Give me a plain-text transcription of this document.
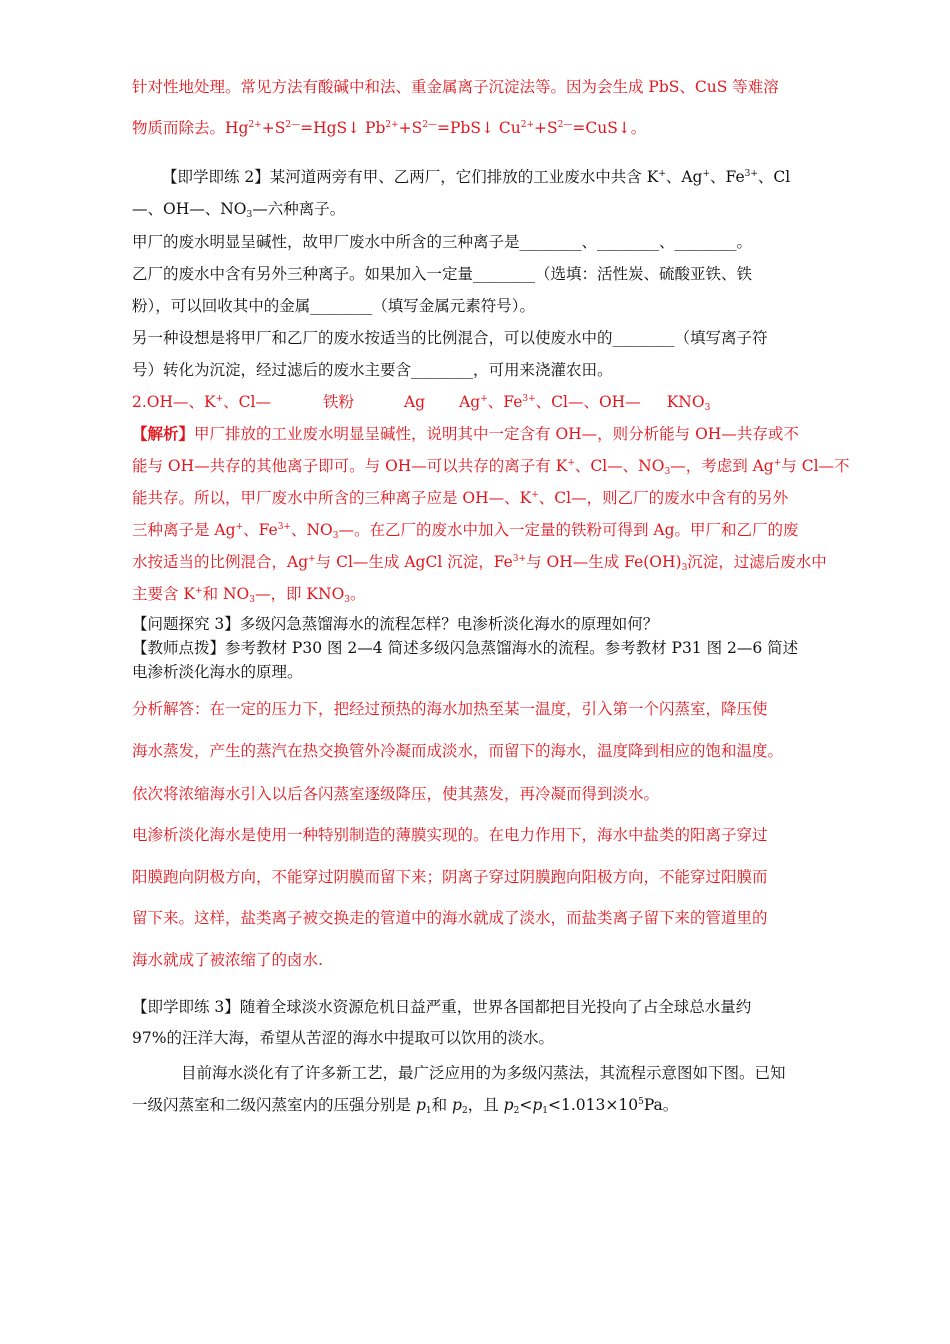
针对性地处理。常见方法有酸碱中和法、重金属离子沉淀法等。因为会生成 PbS、CuS 等难溶
物质而除去。$Hg^{2+}+S^{2—}=HgS↓$ $Pb^{2+}+S^{2—}=PbS↓$ $Cu^{2+}+S^{2—}=CuS↓$。
【即学即练 2】某河道两旁有甲、乙两厂，它们排放的工业废水中共含 K+、Ag+、$Fe^{3+}$、Cl
—、OH—、$NO_3—$六种离子。
甲厂的废水明显呈碱性，故甲厂废水中所含的三种离子是________、________、________。
乙厂的废水中含有另外三种离子。如果加入一定量________（选填：活性炭、硫酸亚铁、铁
粉），可以回收其中的金属________（填写金属元素符号）。
另一种设想是将甲厂和乙厂的废水按适当的比例混合，可以使废水中的________（填写离子符
号）转化为沉淀，经过滤后的废水主要含________，可用来浇灌农田。
2.OH—、K+、Cl—	铁粉	Ag Ag+、$Fe^{3+}$、Cl—、OH— $KNO_3$
【解析】甲厂排放的工业废水明显呈碱性，说明其中一定含有 OH—，则分析能与 OH—共存或不
能与 OH—共存的其他离子即可。与 OH—可以共存的离子有 K+、Cl—、$NO_3—$，考虑到 Ag+与 Cl—不
能共存。所以，甲厂废水中所含的三种离子应是 OH—、K+、Cl—，则乙厂的废水中含有的另外
三种离子是 Ag+、$Fe^{3+}$、$NO_3—$。在乙厂的废水中加入一定量的铁粉可得到 Ag。甲厂和乙厂的废
水按适当的比例混合，Ag+与 Cl—生成 AgCl 沉淀，$Fe^{3+}$与 OH—生成 $Fe(OH)_3$沉淀，过滤后废水中
主要含 K+和 $NO_3—$，即 $KNO_3$。
【问题探究 3】多级闪急蒸馏海水的流程怎样？电渗析淡化海水的原理如何？
【教师点拨】参考教材 P30 图 2—4 简述多级闪急蒸馏海水的流程。参考教材 P31 图 2—6 简述
电渗析淡化海水的原理。
分析解答：在一定的压力下，把经过预热的海水加热至某一温度，引入第一个闪蒸室，降压使
海水蒸发，产生的蒸汽在热交换管外冷凝而成淡水，而留下的海水，温度降到相应的饱和温度。
依次将浓缩海水引入以后各闪蒸室逐级降压，使其蒸发，再冷凝而得到淡水。
电渗析淡化海水是使用一种特别制造的薄膜实现的。在电力作用下，海水中盐类的阳离子穿过
阳膜跑向阴极方向，不能穿过阴膜而留下来；阴离子穿过阴膜跑向阳极方向，不能穿过阳膜而
留下来。这样，盐类离子被交换走的管道中的海水就成了淡水，而盐类离子留下来的管道里的
海水就成了被浓缩了的卤水.
【即学即练 3】随着全球淡水资源危机日益严重，世界各国都把目光投向了占全球总水量约
97%的汪洋大海，希望从苦涩的海水中提取可以饮用的淡水。
目前海水淡化有了许多新工艺，最广泛应用的为多级闪蒸法，其流程示意图如下图。已知
一级闪蒸室和二级闪蒸室内的压强分别是 $p_1$和 $p_2$，且 $p_2<p_1<1.013\times 10^5Pa$。
